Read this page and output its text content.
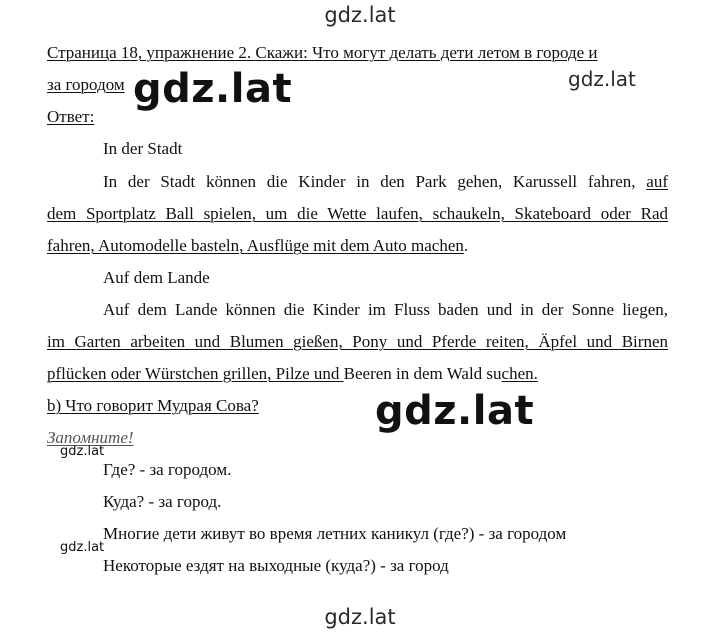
gdz.lat
Страница 18, упражнение 2. Скажи: Что могут делать дети летом в городе и
за городом	gdz.lat
gdz.lat
Ответ:
In der Stadt
In der Stadt können die Kinder in den Park gehen, Karussell fahren, auf
dem Sportplatz Ball spielen, um die Wette laufen, schaukeln, Skateboard oder Rad
fahren, Automodelle basteln, Ausflüge mit dem Auto machen.
Auf dem Lande
Auf dem Lande können die Kinder im Fluss baden und in der Sonne liegen,
im Garten arbeiten und Blumen gießen, Pony und Pferde reiten, Äpfel und Birnen
pflücken oder Würstchen grillen, Pilze und Beeren in dem Wald suchen.
b) Что говорит Мудрая Сова?	gdz.lat
Запомните!
gdz.lat
Где? - за городом.
Куда? - за город.
Многие дети живут во время летних каникул (где?) - за городом
gdz.lat
Некоторые ездят на выходные (куда?) - за город
gdz.lat
